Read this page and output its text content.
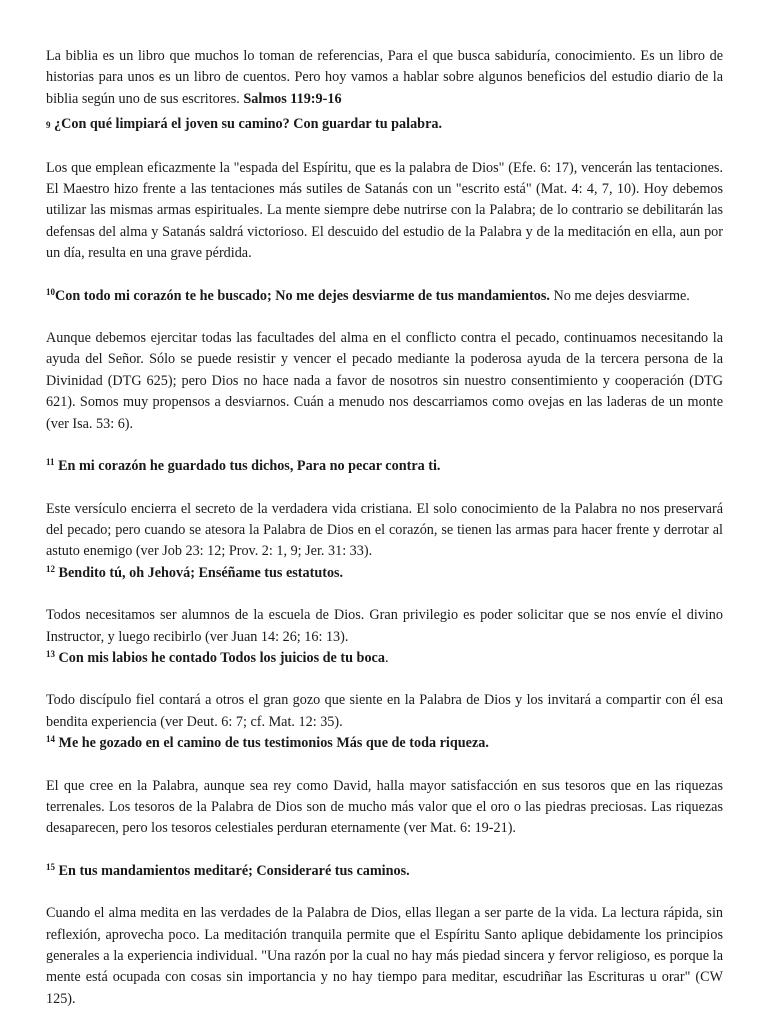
La biblia es un libro que muchos lo toman de referencias, Para el que busca sabiduría, conocimiento. Es un libro de historias para unos es un libro de cuentos. Pero hoy vamos a hablar sobre algunos beneficios del estudio diario de la biblia según uno de sus escritores. Salmos 119:9-16

9 ¿Con qué limpiará el joven su camino? Con guardar tu palabra.

Los que emplean eficazmente la "espada del Espíritu, que es la palabra de Dios" (Efe. 6: 17), vencerán las tentaciones. El Maestro hizo frente a las tentaciones más sutiles de Satanás con un "escrito está" (Mat. 4: 4, 7, 10). Hoy debemos utilizar las mismas armas espirituales. La mente siempre debe nutrirse con la Palabra; de lo contrario se debilitarán las defensas del alma y Satanás saldrá victorioso. El descuido del estudio de la Palabra y de la meditación en ella, aun por un día, resulta en una grave pérdida.

$^{10}$Con todo mi corazón te he buscado; No me dejes desviarme de tus mandamientos. No me dejes desviarme.

Aunque debemos ejercitar todas las facultades del alma en el conflicto contra el pecado, continuamos necesitando la ayuda del Señor. Sólo se puede resistir y vencer el pecado mediante la poderosa ayuda de la tercera persona de la Divinidad (DTG 625); pero Dios no hace nada a favor de nosotros sin nuestro consentimiento y cooperación (DTG 621). Somos muy propensos a desviarnos. Cuán a menudo nos descarriamos como ovejas en las laderas de un monte (ver Isa. 53: 6).

$^{11}$ En mi corazón he guardado tus dichos, Para no pecar contra ti.

Este versículo encierra el secreto de la verdadera vida cristiana. El solo conocimiento de la Palabra no nos preservará del pecado; pero cuando se atesora la Palabra de Dios en el corazón, se tienen las armas para hacer frente y derrotar al astuto enemigo (ver Job 23: 12; Prov. 2: 1, 9; Jer. 31: 33).

$^{12}$ Bendito tú, oh Jehová; Enséñame tus estatutos.

Todos necesitamos ser alumnos de la escuela de Dios. Gran privilegio es poder solicitar que se nos envíe el divino Instructor, y luego recibirlo (ver Juan 14: 26; 16: 13).

$^{13}$ Con mis labios he contado Todos los juicios de tu boca.

Todo discípulo fiel contará a otros el gran gozo que siente en la Palabra de Dios y los invitará a compartir con él esa bendita experiencia (ver Deut. 6: 7; cf. Mat. 12: 35).

$^{14}$ Me he gozado en el camino de tus testimonios Más que de toda riqueza.

El que cree en la Palabra, aunque sea rey como David, halla mayor satisfacción en sus tesoros que en las riquezas terrenales. Los tesoros de la Palabra de Dios son de mucho más valor que el oro o las piedras preciosas. Las riquezas desaparecen, pero los tesoros celestiales perduran eternamente (ver Mat. 6: 19-21).

$^{15}$ En tus mandamientos meditaré; Consideraré tus caminos.

Cuando el alma medita en las verdades de la Palabra de Dios, ellas llegan a ser parte de la vida. La lectura rápida, sin reflexión, aprovecha poco. La meditación tranquila permite que el Espíritu Santo aplique debidamente los principios generales a la experiencia individual. "Una razón por la cual no hay más piedad sincera y fervor religioso, es porque la mente está ocupada con cosas sin importancia y no hay tiempo para meditar, escudriñar las Escrituras u orar" (CW 125).
